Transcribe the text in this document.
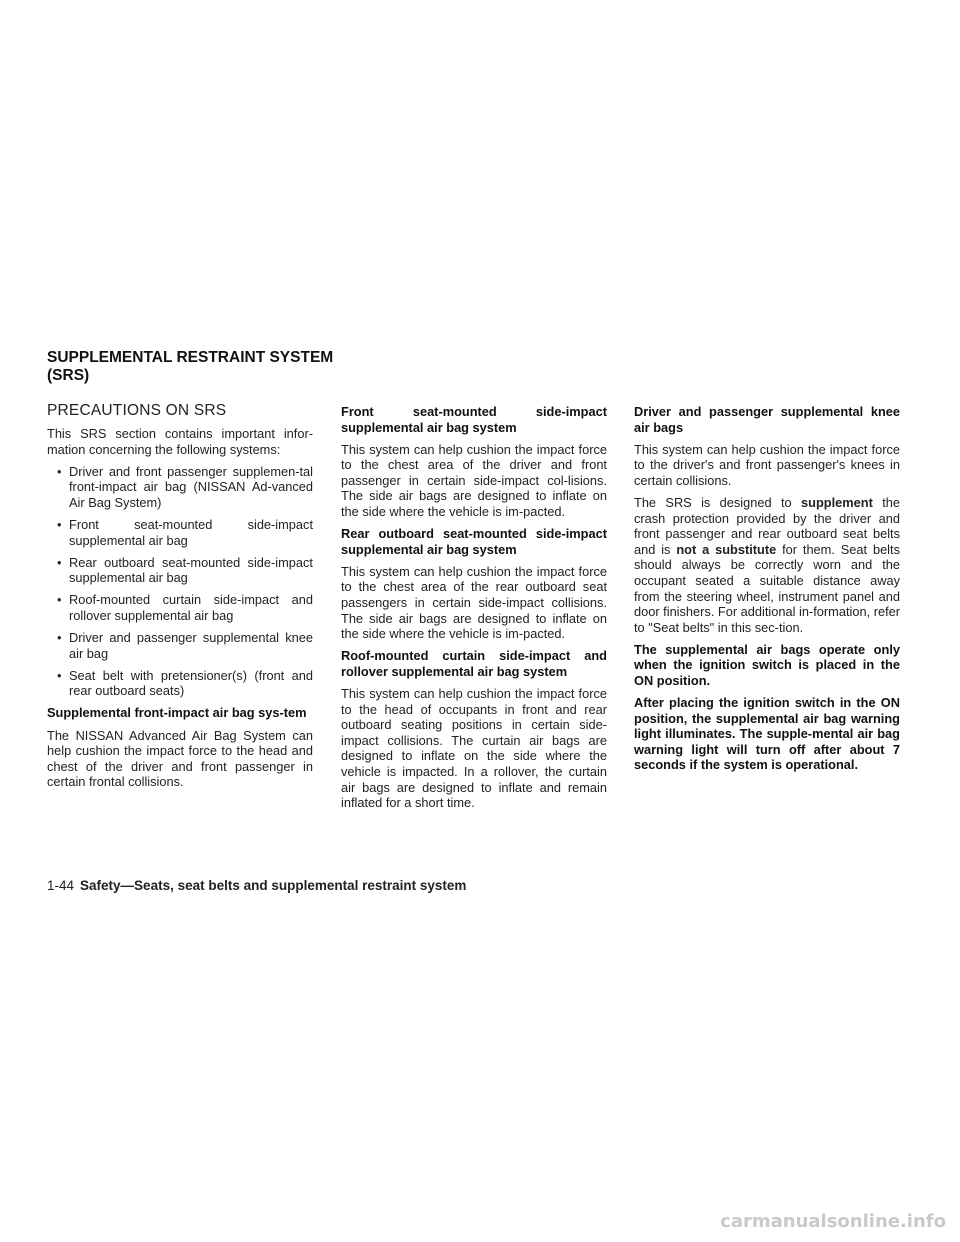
SUPPLEMENTAL RESTRAINT SYSTEM (SRS)
PRECAUTIONS ON SRS

This SRS section contains important infor-mation concerning the following systems:

• Driver and front passenger supplemen-tal front-impact air bag (NISSAN Ad-vanced Air Bag System)
• Front seat-mounted side-impact supplemental air bag
• Rear outboard seat-mounted side-impact supplemental air bag
• Roof-mounted curtain side-impact and rollover supplemental air bag
• Driver and passenger supplemental knee air bag
• Seat belt with pretensioner(s) (front and rear outboard seats)

Supplemental front-impact air bag sys-tem

The NISSAN Advanced Air Bag System can help cushion the impact force to the head and chest of the driver and front passenger in certain frontal collisions.

Front seat-mounted side-impact supplemental air bag system

This system can help cushion the impact force to the chest area of the driver and front passenger in certain side-impact col-lisions. The side air bags are designed to inflate on the side where the vehicle is im-pacted.

Rear outboard seat-mounted side-impact supplemental air bag system

This system can help cushion the impact force to the chest area of the rear outboard seat passengers in certain side-impact collisions. The side air bags are designed to inflate on the side where the vehicle is im-pacted.

Roof-mounted curtain side-impact and rollover supplemental air bag system

This system can help cushion the impact force to the head of occupants in front and rear outboard seating positions in certain side-impact collisions. The curtain air bags are designed to inflate on the side where the vehicle is impacted. In a rollover, the curtain air bags are designed to inflate and remain inflated for a short time.

Driver and passenger supplemental knee air bags

This system can help cushion the impact force to the driver's and front passenger's knees in certain collisions.

The SRS is designed to supplement the crash protection provided by the driver and front passenger and rear outboard seat belts and is not a substitute for them. Seat belts should always be correctly worn and the occupant seated a suitable distance away from the steering wheel, instrument panel and door finishers. For additional in-formation, refer to "Seat belts" in this sec-tion.

The supplemental air bags operate only when the ignition switch is placed in the ON position.

After placing the ignition switch in the ON position, the supplemental air bag warning light illuminates. The supple-mental air bag warning light will turn off after about 7 seconds if the system is operational.

1-44 Safety—Seats, seat belts and supplemental restraint system
carmanualsonline.info
